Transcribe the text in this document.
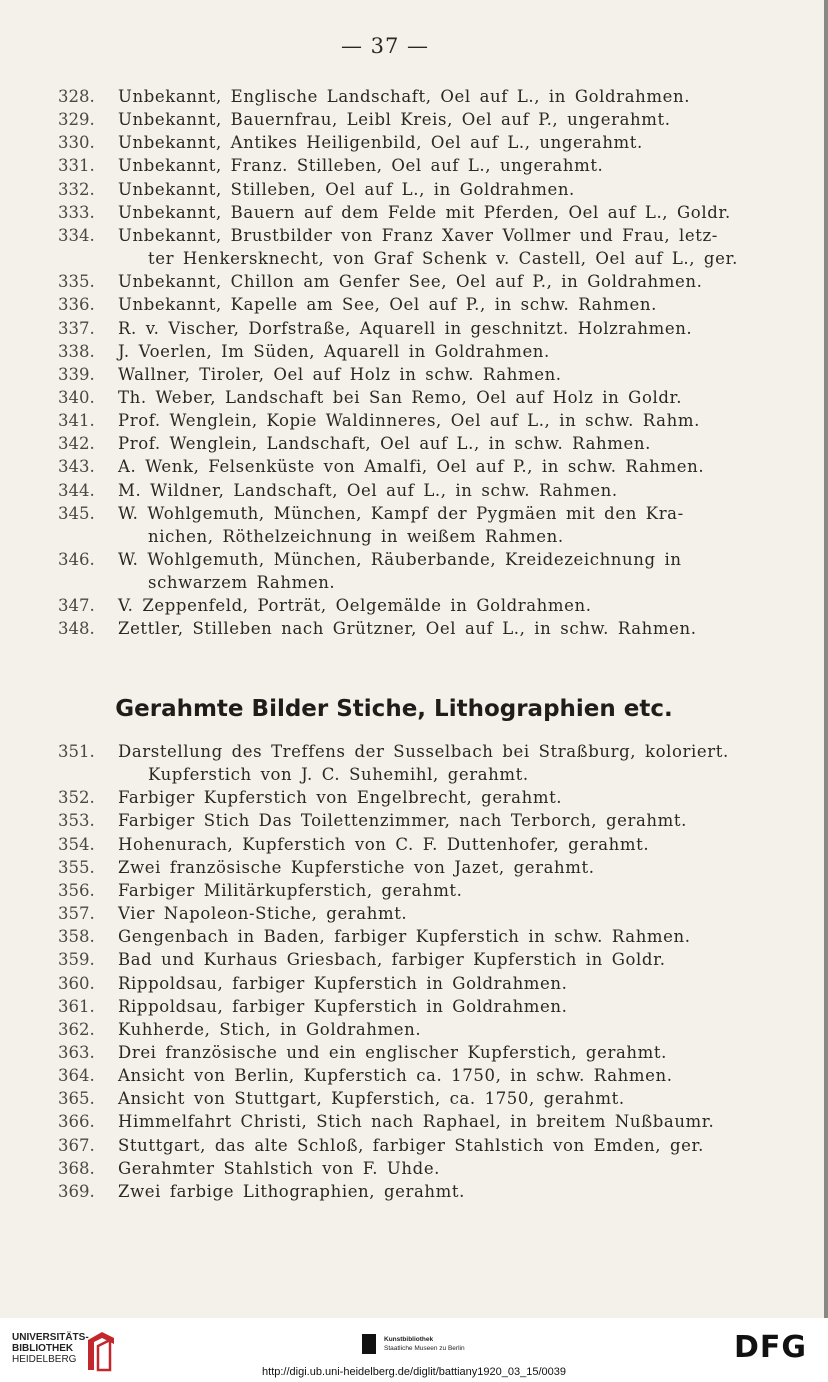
— 37 —
328.	Unbekannt, Englische Landschaft, Oel auf L., in Goldrahmen.
329.	Unbekannt, Bauernfrau, Leibl Kreis, Oel auf P., ungerahmt.
330.	Unbekannt, Antikes Heiligenbild, Oel auf L., ungerahmt.
331.	Unbekannt, Franz. Stilleben, Oel auf L., ungerahmt.
332.	Unbekannt, Stilleben, Oel auf L., in Goldrahmen.
333.	Unbekannt, Bauern auf dem Felde mit Pferden, Oel auf L., Goldr.
334.	Unbekannt, Brustbilder von Franz Xaver Vollmer und Frau, letz-
ter Henkersknecht, von Graf Schenk v. Castell, Oel auf L., ger.
335.	Unbekannt, Chillon am Genfer See, Oel auf P., in Goldrahmen.
336.	Unbekannt, Kapelle am See, Oel auf P., in schw. Rahmen.
337.	R. v. Vischer, Dorfstraße, Aquarell in geschnitzt. Holzrahmen.
338.	J. Voerlen, Im Süden, Aquarell in Goldrahmen.
339.	Wallner, Tiroler, Oel auf Holz in schw. Rahmen.
340.	Th. Weber, Landschaft bei San Remo, Oel auf Holz in Goldr.
341.	Prof. Wenglein, Kopie Waldinneres, Oel auf L., in schw. Rahm.
342.	Prof. Wenglein, Landschaft, Oel auf L., in schw. Rahmen.
343.	A. Wenk, Felsenküste von Amalfi, Oel auf P., in schw. Rahmen.
344.	M. Wildner, Landschaft, Oel auf L., in schw. Rahmen.
345.	W. Wohlgemuth, München, Kampf der Pygmäen mit den Kra-
nichen, Röthelzeichnung in weißem Rahmen.
346.	W. Wohlgemuth, München, Räuberbande, Kreidezeichnung in
schwarzem Rahmen.
347.	V. Zeppenfeld, Porträt, Oelgemälde in Goldrahmen.
348.	Zettler, Stilleben nach Grützner, Oel auf L., in schw. Rahmen.
Gerahmte Bilder Stiche, Lithographien etc.
351.	Darstellung des Treffens der Susselbach bei Straßburg, koloriert.
Kupferstich von J. C. Suhemihl, gerahmt.
352.	Farbiger Kupferstich von Engelbrecht, gerahmt.
353.	Farbiger Stich Das Toilettenzimmer, nach Terborch, gerahmt.
354.	Hohenurach, Kupferstich von C. F. Duttenhofer, gerahmt.
355.	Zwei französische Kupferstiche von Jazet, gerahmt.
356.	Farbiger Militärkupferstich, gerahmt.
357.	Vier Napoleon-Stiche, gerahmt.
358.	Gengenbach in Baden, farbiger Kupferstich in schw. Rahmen.
359.	Bad und Kurhaus Griesbach, farbiger Kupferstich in Goldr.
360.	Rippoldsau, farbiger Kupferstich in Goldrahmen.
361.	Rippoldsau, farbiger Kupferstich in Goldrahmen.
362.	Kuhherde, Stich, in Goldrahmen.
363.	Drei französische und ein englischer Kupferstich, gerahmt.
364.	Ansicht von Berlin, Kupferstich ca. 1750, in schw. Rahmen.
365.	Ansicht von Stuttgart, Kupferstich, ca. 1750, gerahmt.
366.	Himmelfahrt Christi, Stich nach Raphael, in breitem Nußbaumr.
367.	Stuttgart, das alte Schloß, farbiger Stahlstich von Emden, ger.
368.	Gerahmter Stahlstich von F. Uhde.
369.	Zwei farbige Lithographien, gerahmt.
UNIVERSITÄTS-
BIBLIOTHEK
HEIDELBERG
Kunstbibliothek
Staatliche Museen zu Berlin	DFG
http://digi.ub.uni-heidelberg.de/diglit/battiany1920_03_15/0039
